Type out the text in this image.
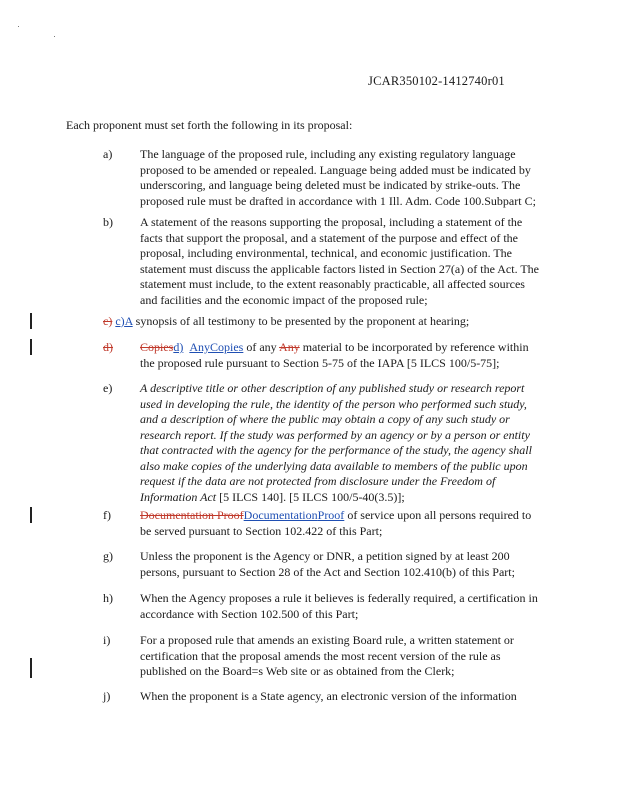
JCAR350102-1412740r01
Each proponent must set forth the following in its proposal:
a) The language of the proposed rule, including any existing regulatory language proposed to be amended or repealed. Language being added must be indicated by underscoring, and language being deleted must be indicated by strike-outs. The proposed rule must be drafted in accordance with 1 Ill. Adm. Code 100.Subpart C;
b) A statement of the reasons supporting the proposal, including a statement of the facts that support the proposal, and a statement of the purpose and effect of the proposal, including environmental, technical, and economic justification. The statement must discuss the applicable factors listed in Section 27(a) of the Act. The statement must include, to the extent reasonably practicable, all affected sources and facilities and the economic impact of the proposed rule;
c) c)A synopsis of all testimony to be presented by the proponent at hearing;
d) Copiesd) AnyCopies of any Any material to be incorporated by reference within the proposed rule pursuant to Section 5-75 of the IAPA [5 ILCS 100/5-75];
e) A descriptive title or other description of any published study or research report used in developing the rule, the identity of the person who performed such study, and a description of where the public may obtain a copy of any such study or research report. If the study was performed by an agency or by a person or entity that contracted with the agency for the performance of the study, the agency shall also make copies of the underlying data available to members of the public upon request if the data are not protected from disclosure under the Freedom of Information Act [5 ILCS 140]. [5 ILCS 100/5-40(3.5)];
f) Documentation ProofDocumentationProof of service upon all persons required to be served pursuant to Section 102.422 of this Part;
g) Unless the proponent is the Agency or DNR, a petition signed by at least 200 persons, pursuant to Section 28 of the Act and Section 102.410(b) of this Part;
h) When the Agency proposes a rule it believes is federally required, a certification in accordance with Section 102.500 of this Part;
i) For a proposed rule that amends an existing Board rule, a written statement or certification that the proposal amends the most recent version of the rule as published on the Board=s Web site or as obtained from the Clerk;
j) When the proponent is a State agency, an electronic version of the information
